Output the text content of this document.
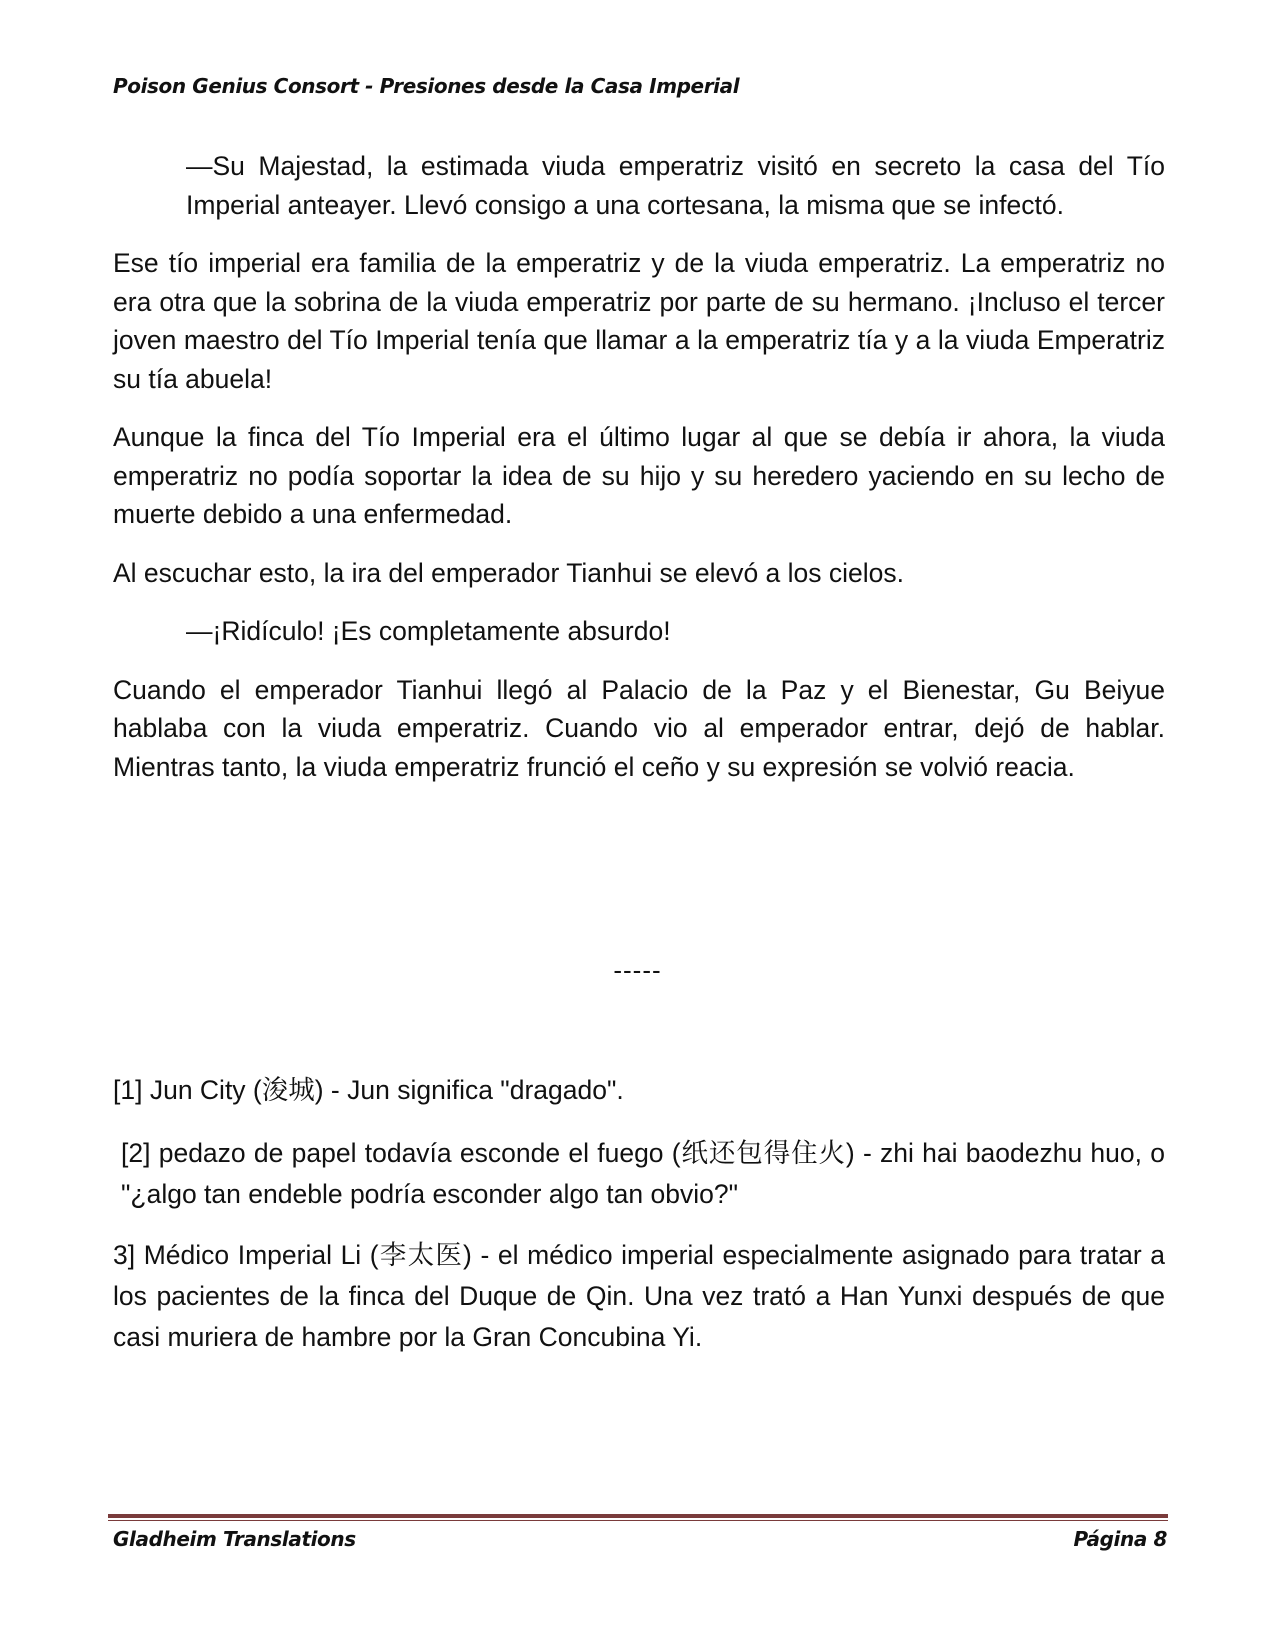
Poison Genius Consort - Presiones desde la Casa Imperial

—Su Majestad, la estimada viuda emperatriz visitó en secreto la casa del Tío Imperial anteayer. Llevó consigo a una cortesana, la misma que se infectó.

Ese tío imperial era familia de la emperatriz y de la viuda emperatriz. La emperatriz no era otra que la sobrina de la viuda emperatriz por parte de su hermano. ¡Incluso el tercer joven maestro del Tío Imperial tenía que llamar a la emperatriz tía y a la viuda Emperatriz su tía abuela!

Aunque la finca del Tío Imperial era el último lugar al que se debía ir ahora, la viuda emperatriz no podía soportar la idea de su hijo y su heredero yaciendo en su lecho de muerte debido a una enfermedad.

Al escuchar esto, la ira del emperador Tianhui se elevó a los cielos.

—¡Ridículo! ¡Es completamente absurdo!

Cuando el emperador Tianhui llegó al Palacio de la Paz y el Bienestar, Gu Beiyue hablaba con la viuda emperatriz. Cuando vio al emperador entrar, dejó de hablar. Mientras tanto, la viuda emperatriz frunció el ceño y su expresión se volvió reacia.

-----

[1] Jun City (浚城) - Jun significa "dragado".

[2] pedazo de papel todavía esconde el fuego (纸还包得住火) - zhi hai baodezhu huo, o "¿algo tan endeble podría esconder algo tan obvio?"

3] Médico Imperial Li (李太医) - el médico imperial especialmente asignado para tratar a los pacientes de la finca del Duque de Qin. Una vez trató a Han Yunxi después de que casi muriera de hambre por la Gran Concubina Yi.

Gladheim Translations	Página 8
